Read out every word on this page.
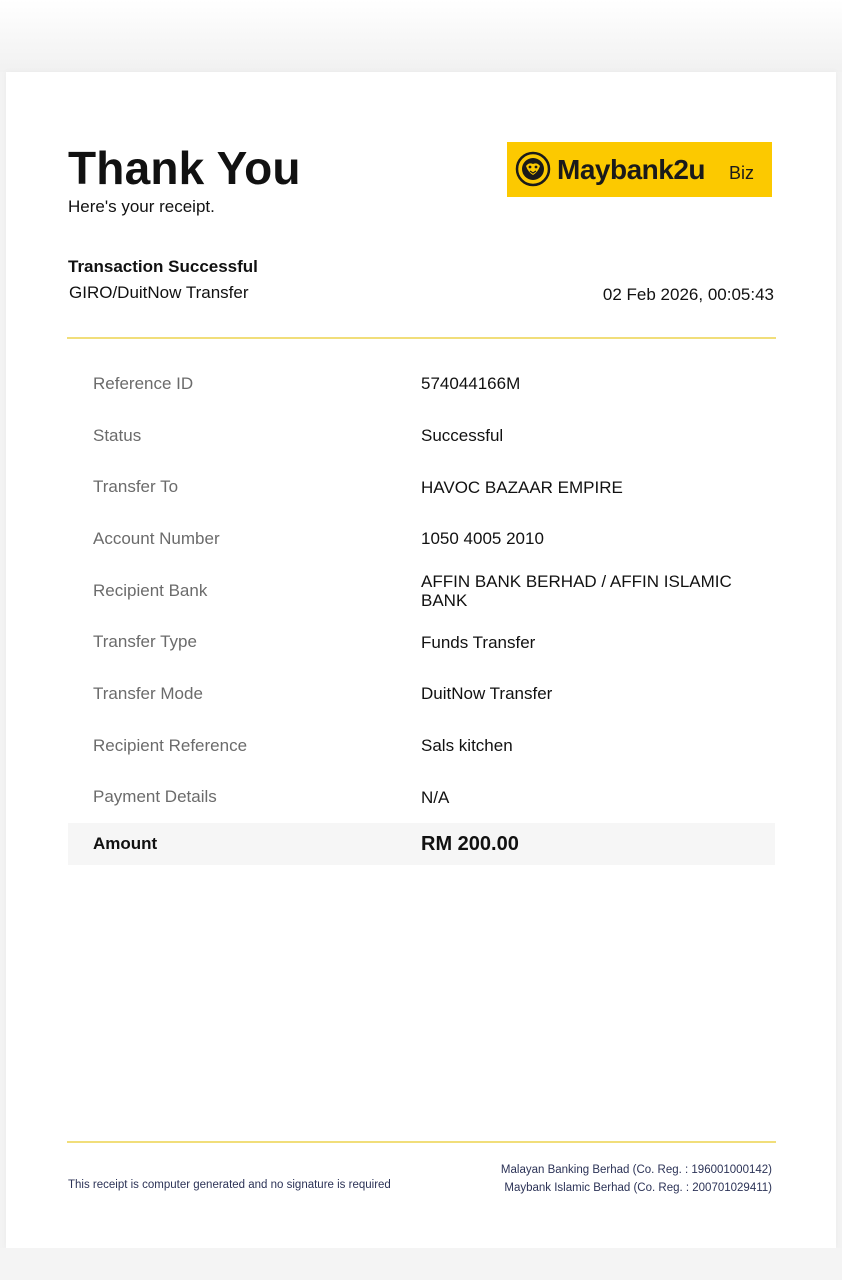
Thank You
Here's your receipt.
Maybank2u Biz
Transaction Successful
GIRO/DuitNow Transfer	02 Feb 2026, 00:05:43
Reference ID	574044166M
Status	Successful
Transfer To	HAVOC BAZAAR EMPIRE
Account Number	1050 4005 2010
Recipient Bank	AFFIN BANK BERHAD / AFFIN ISLAMIC BANK
Transfer Type	Funds Transfer
Transfer Mode	DuitNow Transfer
Recipient Reference	Sals kitchen
Payment Details	N/A
Amount	RM 200.00
This receipt is computer generated and no signature is required
Malayan Banking Berhad (Co. Reg. : 196001000142)
Maybank Islamic Berhad (Co. Reg. : 200701029411)
